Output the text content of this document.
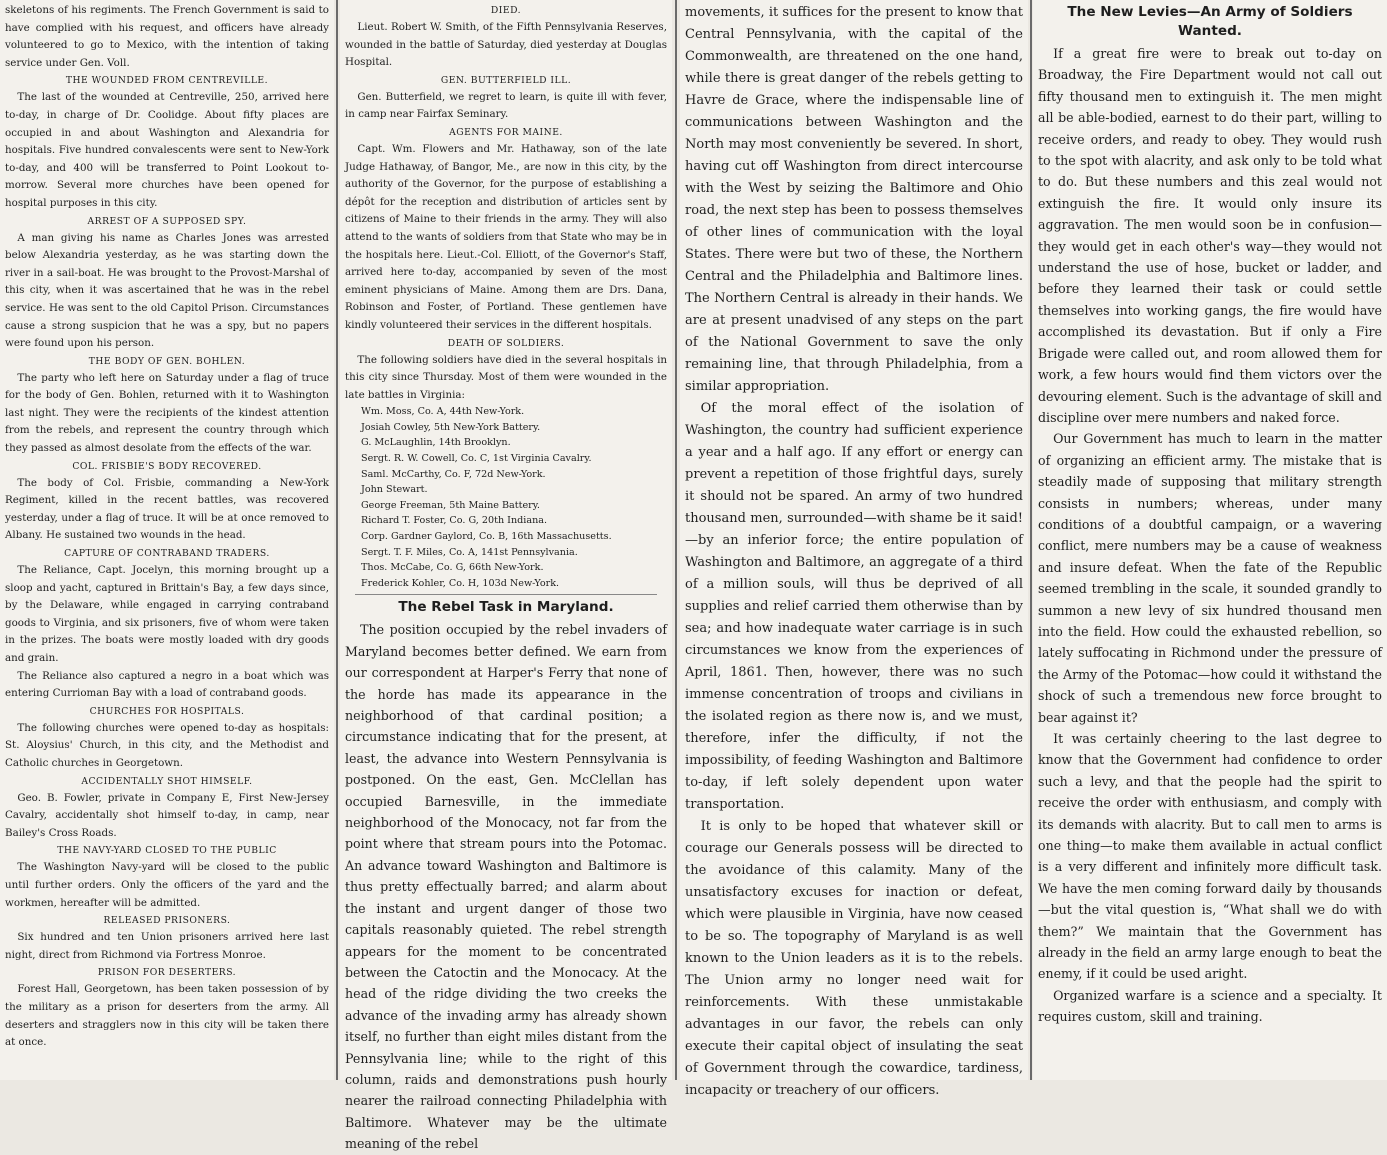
skeletons of his regiments. The French Government is said to have complied with his request, and officers have already volunteered to go to Mexico, with the intention of taking service under Gen. Voll.

THE WOUNDED FROM CENTREVILLE.

The last of the wounded at Centreville, 250, arrived here to-day, in charge of Dr. Coolidge. About fifty places are occupied in and about Washington and Alexandria for hospitals. Five hundred convalescents were sent to New-York to-day, and 400 will be transferred to Point Lookout to-morrow. Several more churches have been opened for hospital purposes in this city.

ARREST OF A SUPPOSED SPY.

A man giving his name as Charles Jones was arrested below Alexandria yesterday, as he was starting down the river in a sail-boat. He was brought to the Provost-Marshal of this city, when it was ascertained that he was in the rebel service. He was sent to the old Capitol Prison. Circumstances cause a strong suspicion that he was a spy, but no papers were found upon his person.

THE BODY OF GEN. BOHLEN.

The party who left here on Saturday under a flag of truce for the body of Gen. Bohlen, returned with it to Washington last night. They were the recipients of the kindest attention from the rebels, and represent the country through which they passed as almost desolate from the effects of the war.

COL. FRISBIE'S BODY RECOVERED.

The body of Col. Frisbie, commanding a New-York Regiment, killed in the recent battles, was recovered yesterday, under a flag of truce. It will be at once removed to Albany. He sustained two wounds in the head.

CAPTURE OF CONTRABAND TRADERS.

The Reliance, Capt. Jocelyn, this morning brought up a sloop and yacht, captured in Brittain's Bay, a few days since, by the Delaware, while engaged in carrying contraband goods to Virginia, and six prisoners, five of whom were taken in the prizes. The boats were mostly loaded with dry goods and grain.

The Reliance also captured a negro in a boat which was entering Currioman Bay with a load of contraband goods.

CHURCHES FOR HOSPITALS.

The following churches were opened to-day as hospitals: St. Aloysius' Church, in this city, and the Methodist and Catholic churches in Georgetown.

ACCIDENTALLY SHOT HIMSELF.

Geo. B. Fowler, private in Company E, First New-Jersey Cavalry, accidentally shot himself to-day, in camp, near Bailey's Cross Roads.

THE NAVY-YARD CLOSED TO THE PUBLIC

The Washington Navy-yard will be closed to the public until further orders. Only the officers of the yard and the workmen, hereafter will be admitted.

RELEASED PRISONERS.

Six hundred and ten Union prisoners arrived here last night, direct from Richmond via Fortress Monroe.

PRISON FOR DESERTERS.

Forest Hall, Georgetown, has been taken possession of by the military as a prison for deserters from the army. All deserters and stragglers now in this city will be taken there at once.

DIED.

Lieut. Robert W. Smith, of the Fifth Pennsylvania Reserves, wounded in the battle of Saturday, died yesterday at Douglas Hospital.

GEN. BUTTERFIELD ILL.

Gen. Butterfield, we regret to learn, is quite ill with fever, in camp near Fairfax Seminary.

AGENTS FOR MAINE.

Capt. Wm. Flowers and Mr. Hathaway, son of the late Judge Hathaway, of Bangor, Me., are now in this city, by the authority of the Governor, for the purpose of establishing a dépôt for the reception and distribution of articles sent by citizens of Maine to their friends in the army. They will also attend to the wants of soldiers from that State who may be in the hospitals here. Lieut.-Col. Elliott, of the Governor's Staff, arrived here to-day, accompanied by seven of the most eminent physicians of Maine. Among them are Drs. Dana, Robinson and Foster, of Portland. These gentlemen have kindly volunteered their services in the different hospitals.

DEATH OF SOLDIERS.

The following soldiers have died in the several hospitals in this city since Thursday. Most of them were wounded in the late battles in Virginia:

Wm. Moss, Co. A, 44th New-York.
Josiah Cowley, 5th New-York Battery.
G. McLaughlin, 14th Brooklyn.
Sergt. R. W. Cowell, Co. C, 1st Virginia Cavalry.
Saml. McCarthy, Co. F, 72d New-York.
John Stewart.
George Freeman, 5th Maine Battery.
Richard T. Foster, Co. G, 20th Indiana.
Corp. Gardner Gaylord, Co. B, 16th Massachusetts.
Sergt. T. F. Miles, Co. A, 141st Pennsylvania.
Thos. McCabe, Co. G, 66th New-York.
Frederick Kohler, Co. H, 103d New-York.
The Rebel Task in Maryland.

The position occupied by the rebel invaders of Maryland becomes better defined. We earn from our correspondent at Harper's Ferry that none of the horde has made its appearance in the neighborhood of that cardinal position; a circumstance indicating that for the present, at least, the advance into Western Pennsylvania is postponed. On the east, Gen. McClellan has occupied Barnesville, in the immediate neighborhood of the Monocacy, not far from the point where that stream pours into the Potomac. An advance toward Washington and Baltimore is thus pretty effectually barred; and alarm about the instant and urgent danger of those two capitals reasonably quieted. The rebel strength appears for the moment to be concentrated between the Catoctin and the Monocacy. At the head of the ridge dividing the two creeks the advance of the invading army has already shown itself, no further than eight miles distant from the Pennsylvania line; while to the right of this column, raids and demonstrations push hourly nearer the railroad connecting Philadelphia with Baltimore. Whatever may be the ultimate meaning of the rebel

movements, it suffices for the present to know that Central Pennsylvania, with the capital of the Commonwealth, are threatened on the one hand, while there is great danger of the rebels getting to Havre de Grace, where the indispensable line of communications between Washington and the North may most conveniently be severed. In short, having cut off Washington from direct intercourse with the West by seizing the Baltimore and Ohio road, the next step has been to possess themselves of other lines of communication with the loyal States. There were but two of these, the Northern Central and the Philadelphia and Baltimore lines. The Northern Central is already in their hands. We are at present unadvised of any steps on the part of the National Government to save the only remaining line, that through Philadelphia, from a similar appropriation.

Of the moral effect of the isolation of Washington, the country had sufficient experience a year and a half ago. If any effort or energy can prevent a repetition of those frightful days, surely it should not be spared. An army of two hundred thousand men, surrounded—with shame be it said!—by an inferior force; the entire population of Washington and Baltimore, an aggregate of a third of a million souls, will thus be deprived of all supplies and relief carried them otherwise than by sea; and how inadequate water carriage is in such circumstances we know from the experiences of April, 1861. Then, however, there was no such immense concentration of troops and civilians in the isolated region as there now is, and we must, therefore, infer the difficulty, if not the impossibility, of feeding Washington and Baltimore to-day, if left solely dependent upon water transportation.

It is only to be hoped that whatever skill or courage our Generals possess will be directed to the avoidance of this calamity. Many of the unsatisfactory excuses for inaction or defeat, which were plausible in Virginia, have now ceased to be so. The topography of Maryland is as well known to the Union leaders as it is to the rebels. The Union army no longer need wait for reinforcements. With these unmistakable advantages in our favor, the rebels can only execute their capital object of insulating the seat of Government through the cowardice, tardiness, incapacity or treachery of our officers.

The New Levies—An Army of Soldiers Wanted.

If a great fire were to break out to-day on Broadway, the Fire Department would not call out fifty thousand men to extinguish it. The men might all be able-bodied, earnest to do their part, willing to receive orders, and ready to obey. They would rush to the spot with alacrity, and ask only to be told what to do. But these numbers and this zeal would not extinguish the fire. It would only insure its aggravation. The men would soon be in confusion—they would get in each other's way—they would not understand the use of hose, bucket or ladder, and before they learned their task or could settle themselves into working gangs, the fire would have accomplished its devastation. But if only a Fire Brigade were called out, and room allowed them for work, a few hours would find them victors over the devouring element. Such is the advantage of skill and discipline over mere numbers and naked force.

Our Government has much to learn in the matter of organizing an efficient army. The mistake that is steadily made of supposing that military strength consists in numbers; whereas, under many conditions of a doubtful campaign, or a wavering conflict, mere numbers may be a cause of weakness and insure defeat. When the fate of the Republic seemed trembling in the scale, it sounded grandly to summon a new levy of six hundred thousand men into the field. How could the exhausted rebellion, so lately suffocating in Richmond under the pressure of the Army of the Potomac—how could it withstand the shock of such a tremendous new force brought to bear against it?

It was certainly cheering to the last degree to know that the Government had confidence to order such a levy, and that the people had the spirit to receive the order with enthusiasm, and comply with its demands with alacrity. But to call men to arms is one thing—to make them available in actual conflict is a very different and infinitely more difficult task. We have the men coming forward daily by thousands—but the vital question is, “What shall we do with them?” We maintain that the Government has already in the field an army large enough to beat the enemy, if it could be used aright.

Organized warfare is a science and a specialty. It requires custom, skill and training.
